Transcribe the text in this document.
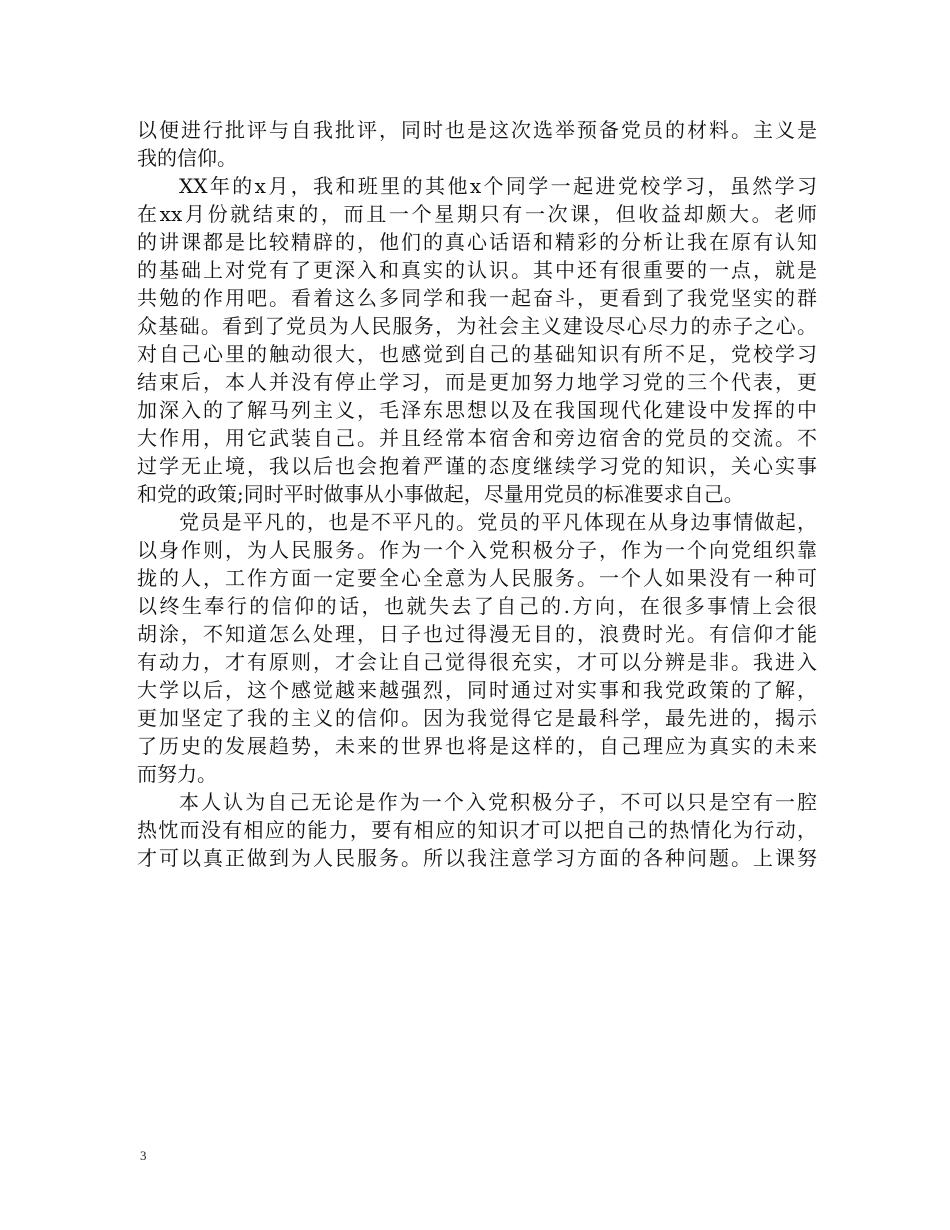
以便进行批评与自我批评，同时也是这次选举预备党员的材料。主义是
我的信仰。
XX年的x月，我和班里的其他x个同学一起进党校学习，虽然学习
在xx月份就结束的，而且一个星期只有一次课，但收益却颇大。老师
的讲课都是比较精辟的，他们的真心话语和精彩的分析让我在原有认知
的基础上对党有了更深入和真实的认识。其中还有很重要的一点，就是
共勉的作用吧。看着这么多同学和我一起奋斗，更看到了我党坚实的群
众基础。看到了党员为人民服务，为社会主义建设尽心尽力的赤子之心。
对自己心里的触动很大，也感觉到自己的基础知识有所不足，党校学习
结束后，本人并没有停止学习，而是更加努力地学习党的三个代表，更
加深入的了解马列主义，毛泽东思想以及在我国现代化建设中发挥的中
大作用，用它武装自己。并且经常本宿舍和旁边宿舍的党员的交流。不
过学无止境，我以后也会抱着严谨的态度继续学习党的知识，关心实事
和党的政策;同时平时做事从小事做起，尽量用党员的标准要求自己。
党员是平凡的，也是不平凡的。党员的平凡体现在从身边事情做起，
以身作则，为人民服务。作为一个入党积极分子，作为一个向党组织靠
拢的人，工作方面一定要全心全意为人民服务。一个人如果没有一种可
以终生奉行的信仰的话，也就失去了自己的.方向，在很多事情上会很
胡涂，不知道怎么处理，日子也过得漫无目的，浪费时光。有信仰才能
有动力，才有原则，才会让自己觉得很充实，才可以分辨是非。我进入
大学以后，这个感觉越来越强烈，同时通过对实事和我党政策的了解，
更加坚定了我的主义的信仰。因为我觉得它是最科学，最先进的，揭示
了历史的发展趋势，未来的世界也将是这样的，自己理应为真实的未来
而努力。
本人认为自己无论是作为一个入党积极分子，不可以只是空有一腔
热忱而没有相应的能力，要有相应的知识才可以把自己的热情化为行动，
才可以真正做到为人民服务。所以我注意学习方面的各种问题。上课努
3
